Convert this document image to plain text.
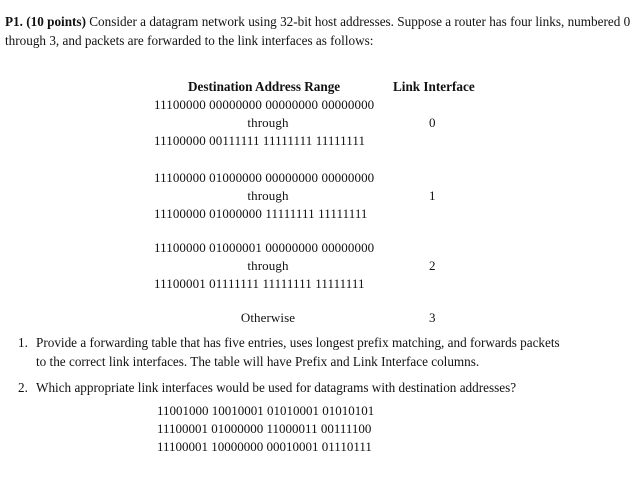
P1. (10 points) Consider a datagram network using 32-bit host addresses. Suppose a router has four links, numbered 0 through 3, and packets are forwarded to the link interfaces as follows:
Destination Address Range	Link Interface
11100000 00000000 00000000 00000000
through
11100000 00111111 11111111 11111111
0
11100000 01000000 00000000 00000000
through
11100000 01000000 11111111 11111111
1
11100000 01000001 00000000 00000000
through
11100001 01111111 11111111 11111111
2
Otherwise	3
1. Provide a forwarding table that has five entries, uses longest prefix matching, and forwards packets
to the correct link interfaces. The table will have Prefix and Link Interface columns.
2. Which appropriate link interfaces would be used for datagrams with destination addresses?
11001000 10010001 01010001 01010101
11100001 01000000 11000011 00111100
11100001 10000000 00010001 01110111
